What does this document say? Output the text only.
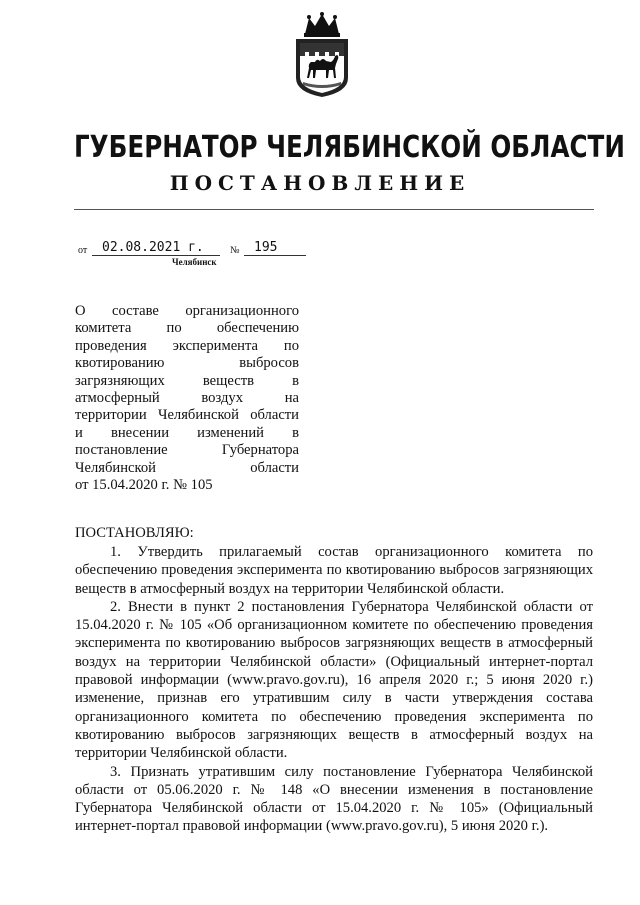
ГУБЕРНАТОР ЧЕЛЯБИНСКОЙ ОБЛАСТИ
ПОСТАНОВЛЕНИЕ
от 02.08.2021 г.	№ 195
Челябинск
О составе организационного
комитета по обеспечению
проведения эксперимента по
квотированию выбросов
загрязняющих веществ в
атмосферный воздух на
территории Челябинской области
и внесении изменений в
постановление Губернатора
Челябинской области
от 15.04.2020 г. № 105
ПОСТАНОВЛЯЮ:

1. Утвердить прилагаемый состав организационного комитета по обеспечению проведения эксперимента по квотированию выбросов загрязняющих веществ в атмосферный воздух на территории Челябинской области.

2. Внести в пункт 2 постановления Губернатора Челябинской области от 15.04.2020 г. № 105 «Об организационном комитете по обеспечению проведения эксперимента по квотированию выбросов загрязняющих веществ в атмосферный воздух на территории Челябинской области» (Официальный интернет-портал правовой информации (www.pravo.gov.ru), 16 апреля 2020 г.; 5 июня 2020 г.) изменение, признав его утратившим силу в части утверждения состава организационного комитета по обеспечению проведения эксперимента по квотированию выбросов загрязняющих веществ в атмосферный воздух на территории Челябинской области.

3. Признать утратившим силу постановление Губернатора Челябинской области от 05.06.2020 г. № 148 «О внесении изменения в постановление Губернатора Челябинской области от 15.04.2020 г. № 105» (Официальный интернет-портал правовой информации (www.pravo.gov.ru), 5 июня 2020 г.).
